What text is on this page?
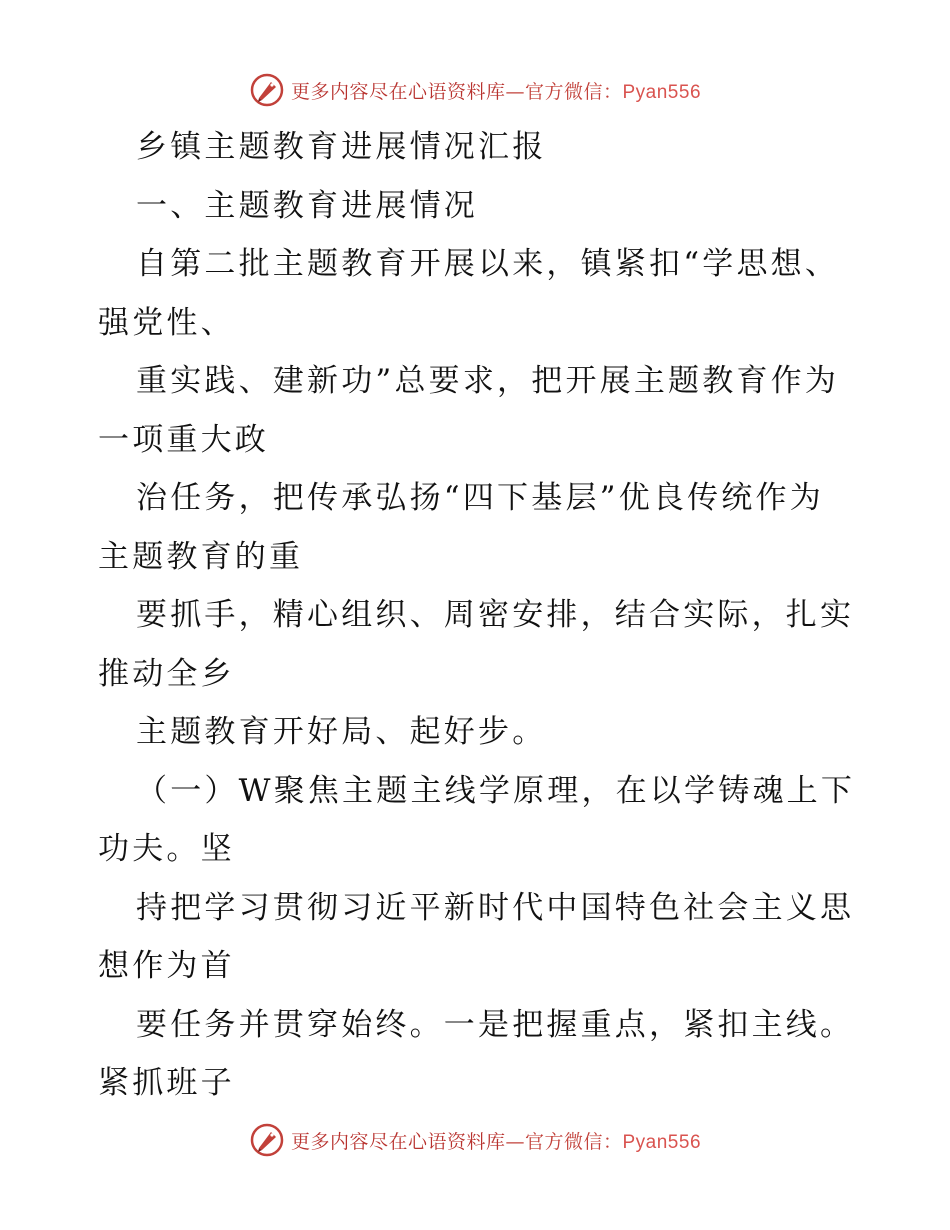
更多内容尽在心语资料库—官方微信：Pyan556

乡镇主题教育进展情况汇报

一、主题教育进展情况

自第二批主题教育开展以来，镇紧扣“学思想、

强党性、

重实践、建新功”总要求，把开展主题教育作为

一项重大政

治任务，把传承弘扬“四下基层”优良传统作为

主题教育的重

要抓手，精心组织、周密安排，结合实际，扎实

推动全乡

主题教育开好局、起好步。

（一）W聚焦主题主线学原理，在以学铸魂上下

功夫。坚

持把学习贯彻习近平新时代中国特色社会主义思

想作为首

要任务并贯穿始终。一是把握重点，紧扣主线。

紧抓班子

更多内容尽在心语资料库—官方微信：Pyan556
